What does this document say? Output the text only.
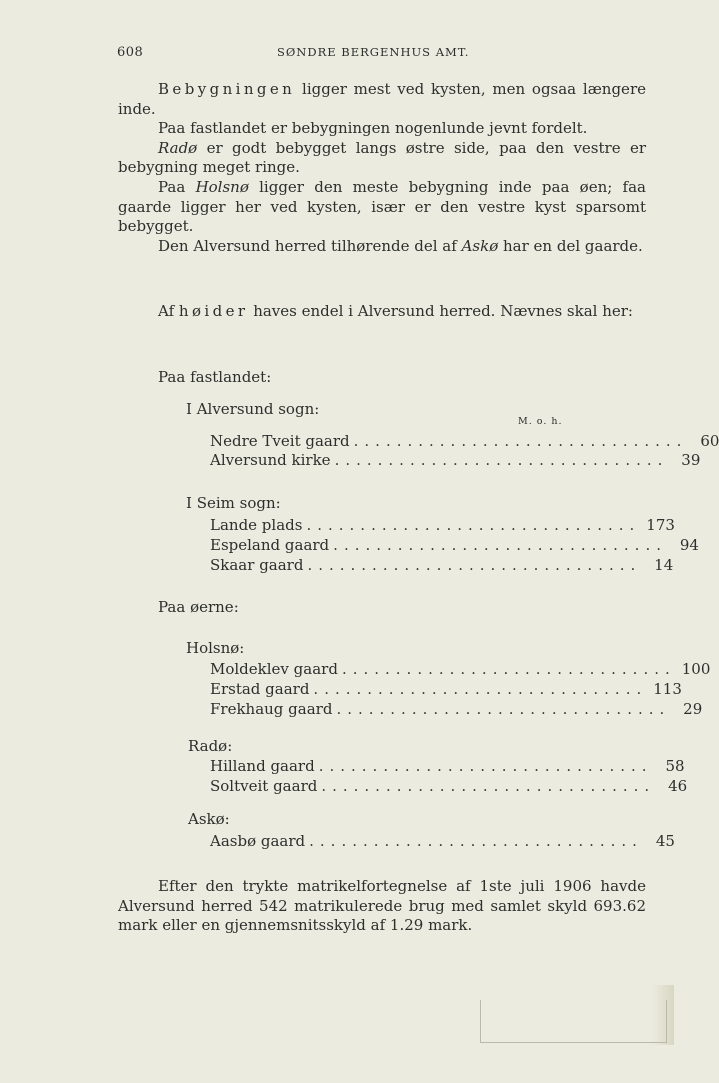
608	SØNDRE BERGENHUS AMT.

Bebygningen ligger mest ved kysten, men ogsaa længere inde.

Paa fastlandet er bebygningen nogenlunde jevnt fordelt.

Radø er godt bebygget langs østre side, paa den vestre er bebygning meget ringe.

Paa Holsnø ligger den meste bebygning inde paa øen; faa gaarde ligger her ved kysten, især er den vestre kyst sparsomt bebygget.

Den Alversund herred tilhørende del af Askø har en del gaarde.

Af høider haves endel i Alversund herred. Nævnes skal her:

Paa fastlandet:
I Alversund sogn:
M. o. h.
Nedre Tveit gaard ............................... 60
Alversund kirke ............................... 39
I Seim sogn:
Lande plads ............................... 173
Espeland gaard ............................... 94
Skaar gaard ............................... 14
Paa øerne:
Holsnø:
Moldeklev gaard ............................... 100
Erstad gaard ............................... 113
Frekhaug gaard ............................... 29
Radø:
Hilland gaard ............................... 58
Soltveit gaard ............................... 46
Askø:
Aasbø gaard ............................... 45

Efter den trykte matrikelfortegnelse af 1ste juli 1906 havde Alversund herred 542 matrikulerede brug med samlet skyld 693.62 mark eller en gjennemsnitsskyld af 1.29 mark.
